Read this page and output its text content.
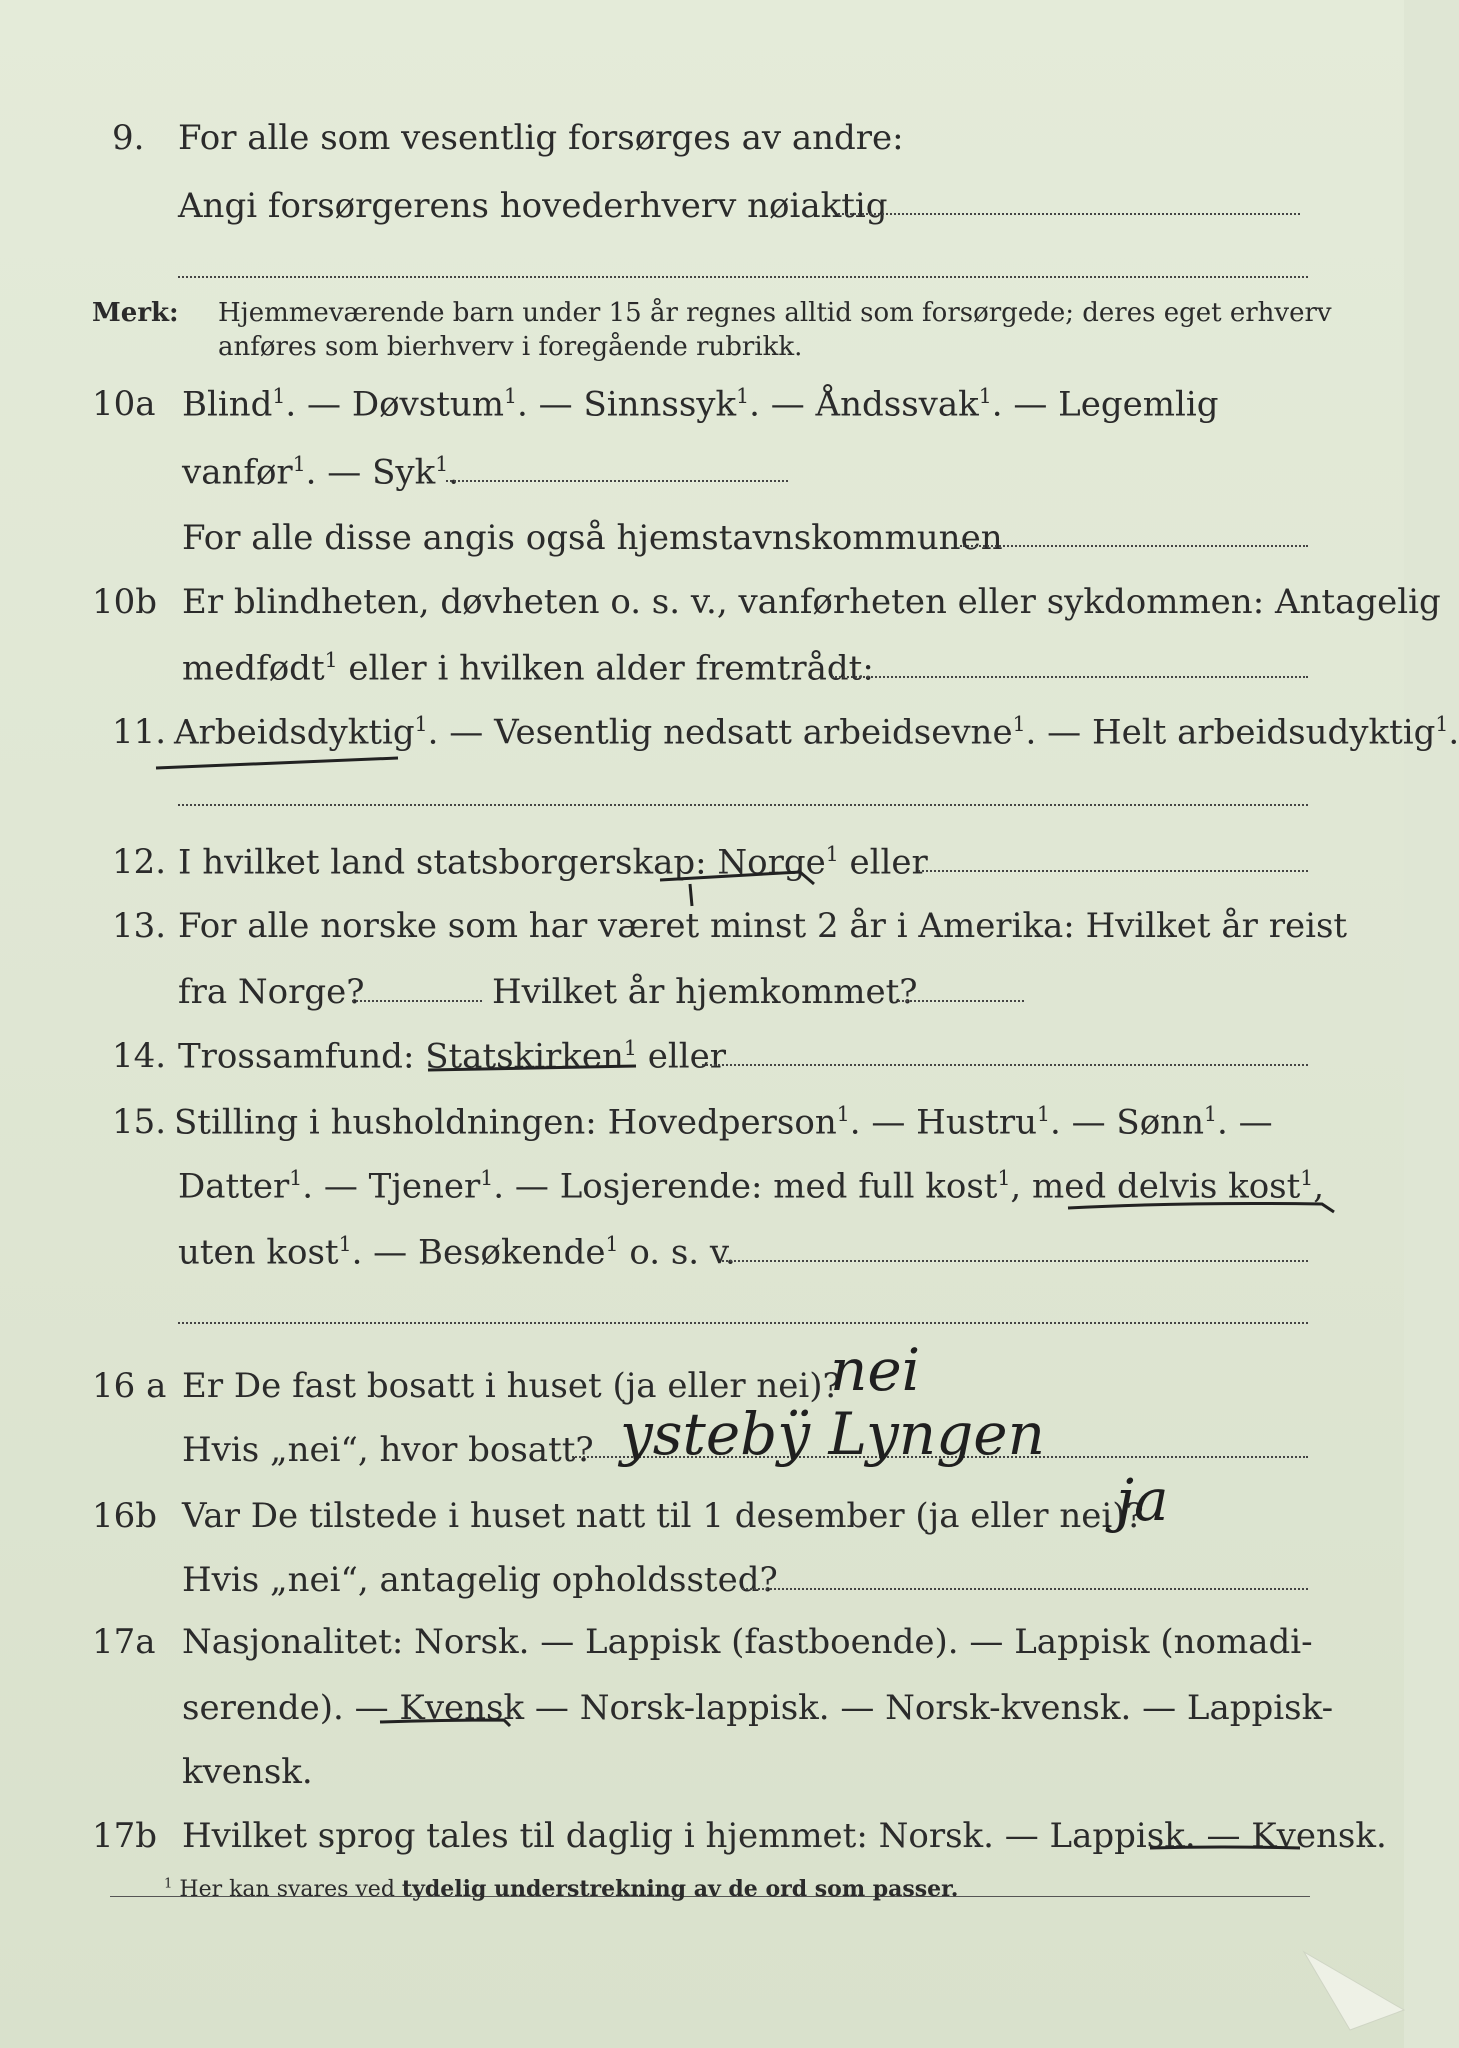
9. For alle som vesentlig forsørges av andre:
Angi forsørgerens hovederhverv nøiaktig
Merk: Hjemmeværende barn under 15 år regnes alltid som forsørgede; deres eget erhverv
anføres som bierhverv i foregående rubrikk.
10a Blind$^1$. — Døvstum$^1$. — Sinnssyk$^1$. — Åndssvak$^1$. — Legemlig
vanfør$^1$. — Syk$^1$.
For alle disse angis også hjemstavnskommunen
10b Er blindheten, døvheten o. s. v., vanførheten eller sykdommen: Antagelig
medfødt$^1$ eller i hvilken alder fremtrådt:
11. Arbeidsdyktig$^1$. — Vesentlig nedsatt arbeidsevne$^1$. — Helt arbeidsudyktig$^1$.
12. I hvilket land statsborgerskap: Norge$^1$ eller
13. For alle norske som har været minst 2 år i Amerika: Hvilket år reist
fra Norge?	Hvilket år hjemkommet?
14. Trossamfund: Statskirken$^1$ eller
15. Stilling i husholdningen: Hovedperson$^1$. — Hustru$^1$. — Sønn$^1$. —
Datter$^1$. — Tjener$^1$. — Losjerende: med full kost$^1$, med delvis kost$^1$,
uten kost$^1$. — Besøkende$^1$ o. s. v.
16 a Er De fast bosatt i huset (ja eller nei)?
nei
Hvis „nei“, hvor bosatt? ystebÿ Lyngen
16b Var De tilstede i huset natt til 1 desember (ja eller nei)?
ja
Hvis „nei“, antagelig opholdssted?
17a Nasjonalitet: Norsk. — Lappisk (fastboende). — Lappisk (nomadi-
serende). — Kvensk — Norsk-lappisk. — Norsk-kvensk. — Lappisk-
kvensk.
17b Hvilket sprog tales til daglig i hjemmet: Norsk. — Lappisk. — Kvensk.
$^1$ Her kan svares ved tydelig understrekning av de ord som passer.
